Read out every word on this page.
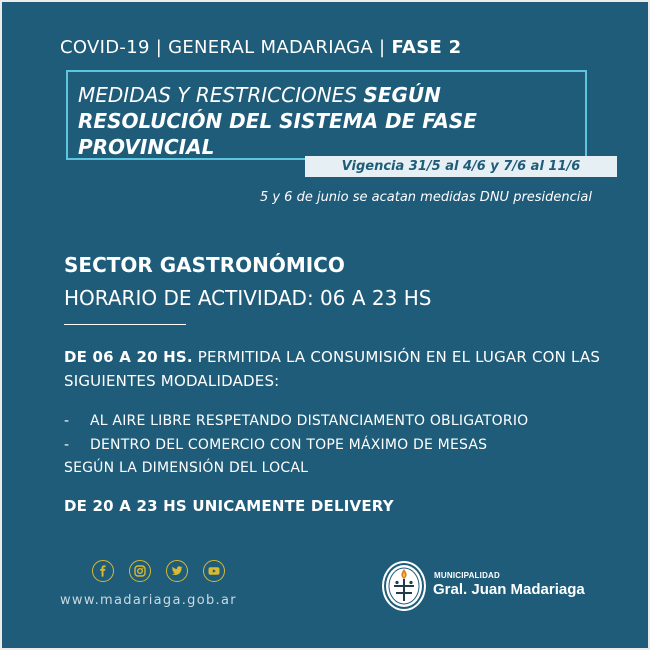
COVID-19 | GENERAL MADARIAGA | FASE 2
MEDIDAS Y RESTRICCIONES SEGÚN
RESOLUCIÓN DEL SISTEMA DE FASE
PROVINCIAL
Vigencia 31/5 al 4/6 y 7/6 al 11/6
5 y 6 de junio se acatan medidas DNU presidencial
SECTOR GASTRONÓMICO
HORARIO DE ACTIVIDAD: 06 A 23 HS
DE 06 A 20 HS. PERMITIDA LA CONSUMISIÓN EN EL LUGAR CON LAS SIGUIENTES MODALIDADES:
- AL AIRE LIBRE RESPETANDO DISTANCIAMENTO OBLIGATORIO
- DENTRO DEL COMERCIO CON TOPE MÁXIMO DE MESAS
SEGÚN LA DIMENSIÓN DEL LOCAL
DE 20 A 23 HS UNICAMENTE DELIVERY
www.madariaga.gob.ar
MUNICIPALIDAD
Gral. Juan Madariaga
